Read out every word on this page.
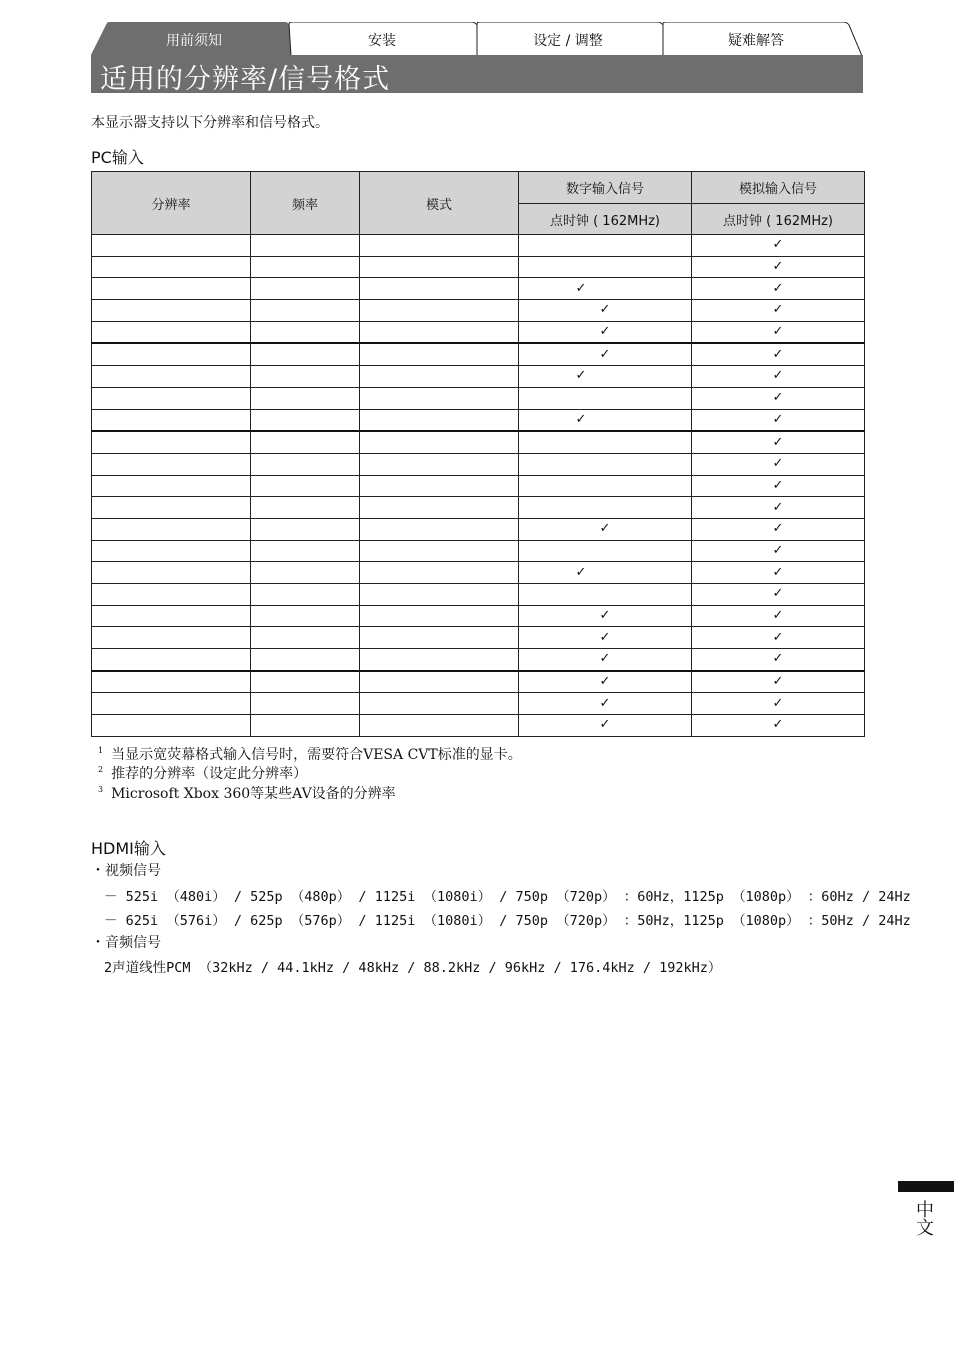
用前须知	安装	设定 / 调整	疑难解答
适用的分辨率/信号格式
本显示器支持以下分辨率和信号格式。
PC输入
分辨率	频率	模式	数字输入信号	模拟输入信号
			点时钟 ( 162MHz)	点时钟 ( 162MHz)
				✓
				✓
			✓	✓
			✓	✓
			✓	✓
			✓	✓
			✓	✓
				✓
			✓	✓
				✓
				✓
				✓
				✓
			✓	✓
				✓
			✓	✓
				✓
			✓	✓
			✓	✓
			✓	✓
			✓	✓
			✓	✓
			✓	✓
$^1$ 当显示宽荧幕格式输入信号时，需要符合VESA CVT标准的显卡。
$^2$ 推荐的分辨率（设定此分辨率）
$^3$ Microsoft Xbox 360等某些AV设备的分辨率
HDMI输入
・视频信号
－ 525i （480i） / 525p （480p） / 1125i （1080i） / 750p （720p） ：60Hz，1125p （1080p） ：60Hz / 24Hz
－ 625i （576i） / 625p （576p） / 1125i （1080i） / 750p （720p） ：50Hz，1125p （1080p） ：50Hz / 24Hz
・音频信号
2声道线性PCM （32kHz / 44.1kHz / 48kHz / 88.2kHz / 96kHz / 176.4kHz / 192kHz）
中文
